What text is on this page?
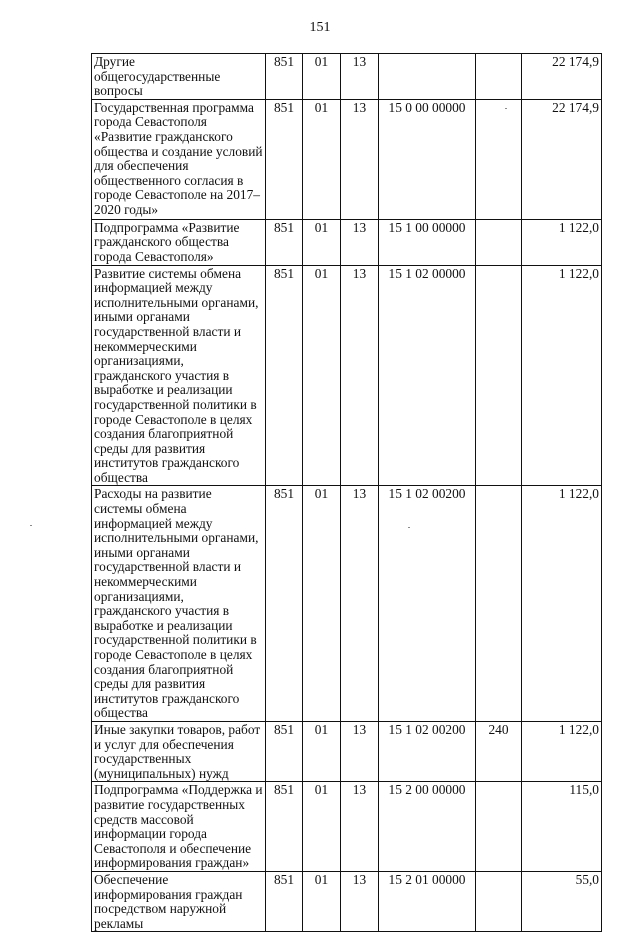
151
Другие общегосударственные вопросы	851	01	13			22 174,9
Государственная программа города Севастополя «Развитие гражданского общества и создание условий для обеспечения общественного согласия в городе Севастополе на 2017–2020 годы»	851	01	13	15 0 00 00000		22 174,9
Подпрограмма «Развитие гражданского общества города Севастополя»	851	01	13	15 1 00 00000		1 122,0
Развитие системы обмена информацией между исполнительными органами, иными органами государственной власти и некоммерческими организациями, гражданского участия в выработке и реализации государственной политики в городе Севастополе в целях создания благоприятной среды для развития институтов гражданского общества	851	01	13	15 1 02 00000		1 122,0
Расходы на развитие системы обмена информацией между исполнительными органами, иными органами государственной власти и некоммерческими организациями, гражданского участия в выработке и реализации государственной политики в городе Севастополе в целях создания благоприятной среды для развития институтов гражданского общества	851	01	13	15 1 02 00200		1 122,0
Иные закупки товаров, работ и услуг для обеспечения государственных (муниципальных) нужд	851	01	13	15 1 02 00200	240	1 122,0
Подпрограмма «Поддержка и развитие государственных средств массовой информации города Севастополя и обеспечение информирования граждан»	851	01	13	15 2 00 00000		115,0
Обеспечение информирования граждан посредством наружной рекламы	851	01	13	15 2 01 00000		55,0
